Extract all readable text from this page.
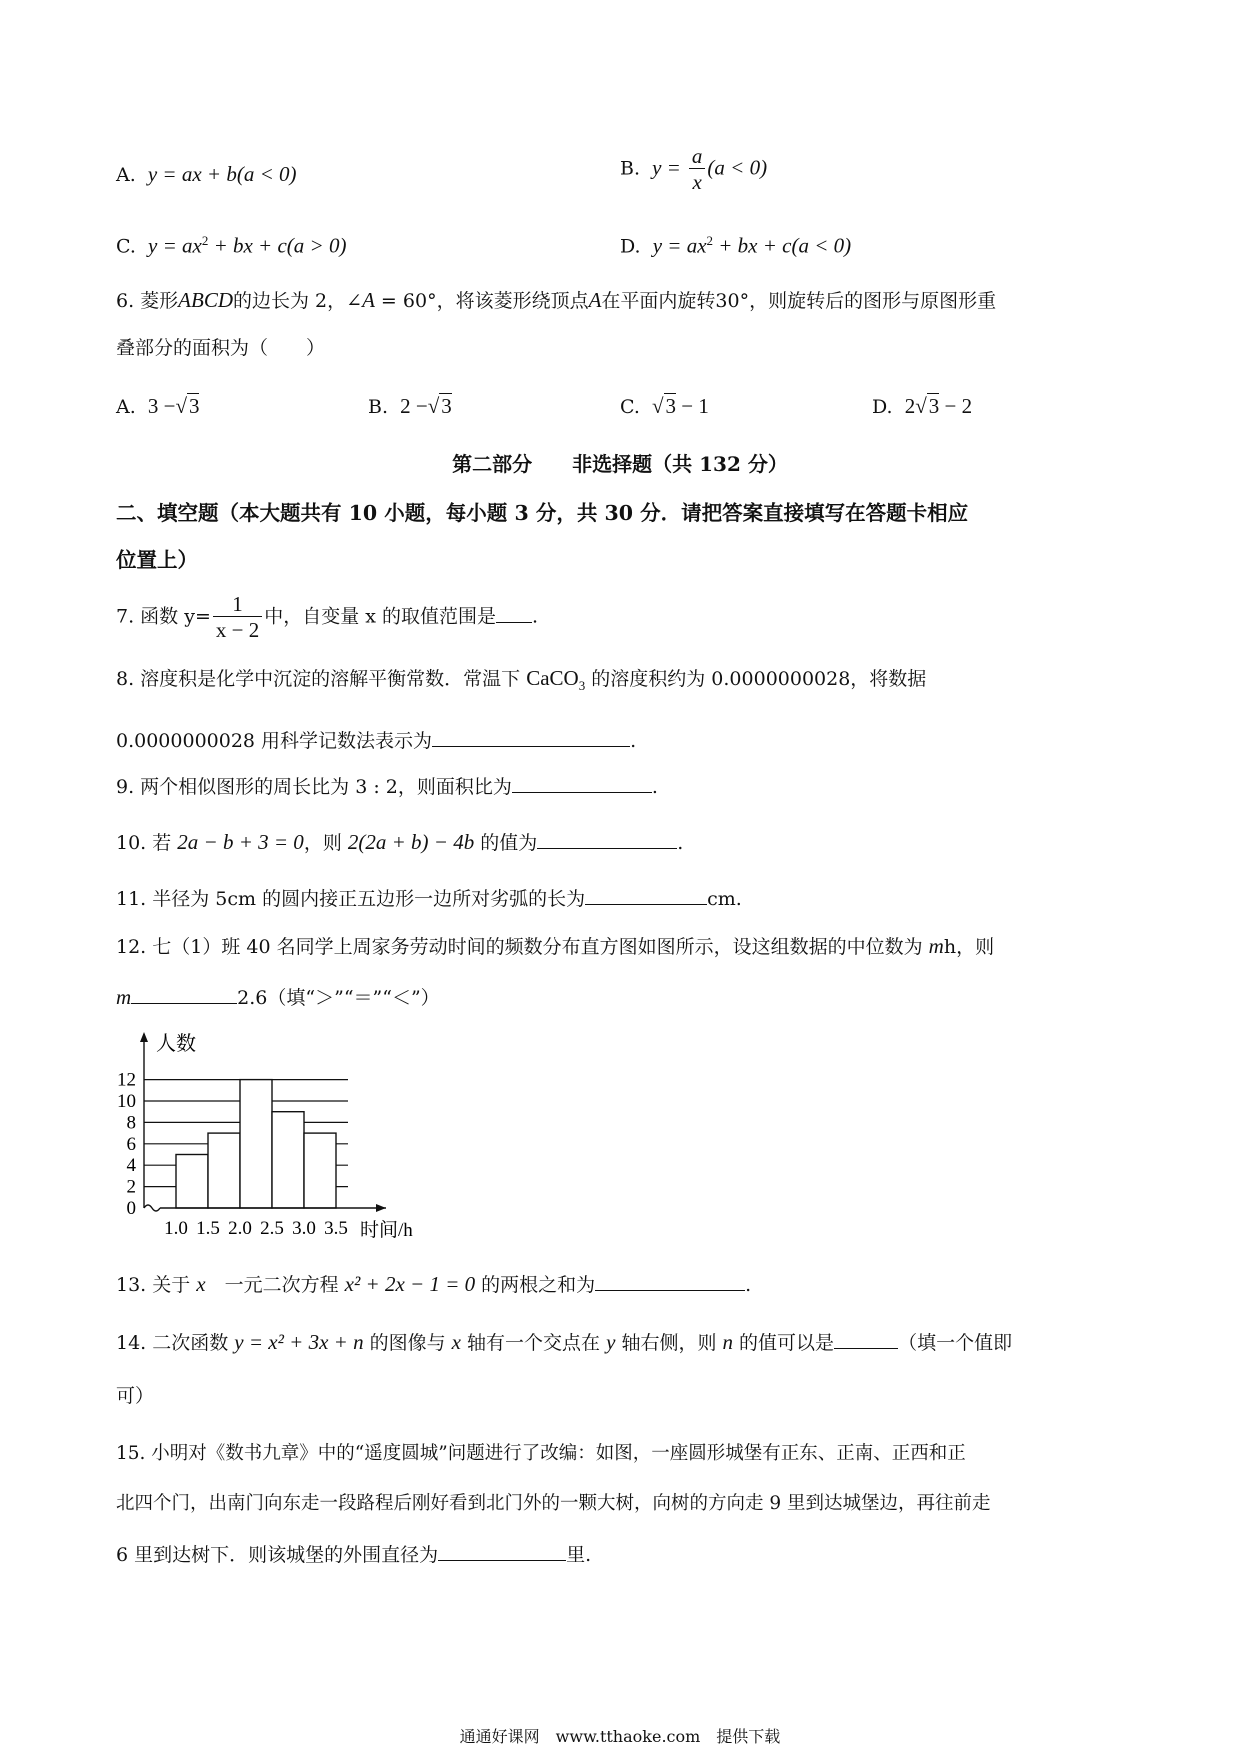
A. y = ax + b(a < 0)	B. $y = \frac{a}{x} (a < 0)$
C. $y = ax^2$ + bx + c(a > 0)	D. $y = ax^2$ + bx + c(a < 0)
6. 菱形ABCD的边长为 2，∠A = 60°，将该菱形绕顶点A在平面内旋转30°，则旋转后的图形与原图形重
叠部分的面积为（　　）
A. 3 −√3	B. 2 −√3	C. √3 − 1	D. 2√3 − 2
第二部分　　非选择题（共 132 分）
二、填空题（本大题共有 10 小题，每小题 3 分，共 30 分．请把答案直接填写在答题卡相应
位置上）
7. 函数 $y= \frac{1}{x - 2}$ 中，自变量 x 的取值范围是 .
8. 溶度积是化学中沉淀的溶解平衡常数．常温下 CaCO$_3$ 的溶度积约为 0.0000000028，将数据
0.0000000028 用科学记数法表示为	.
9. 两个相似图形的周长比为 3 : 2，则面积比为	.
10. 若 2a − b + 3 = 0，则 2(2a + b) − 4b 的值为	.
11. 半径为 5cm 的圆内接正五边形一边所对劣弧的长为	cm.
12. 七（1）班 40 名同学上周家务劳动时间的频数分布直方图如图所示，设这组数据的中位数为 mh，则
m	2.6（填“＞”“＝”“＜”）
0
2
4
6
8
10
12
1.0 1.5 2.0 2.5 3.0 3.5
人数
时间/h
13. 关于 x　一元二次方程 x² + 2x − 1 = 0 的两根之和为	.
14. 二次函数 y = x² + 3x + n 的图像与 x 轴有一个交点在 y 轴右侧，则 n 的值可以是	（填一个值即
可）
15. 小明对《数书九章》中的“遥度圆城”问题进行了改编：如图，一座圆形城堡有正东、正南、正西和正
北四个门，出南门向东走一段路程后刚好看到北门外的一颗大树，向树的方向走 9 里到达城堡边，再往前走
6 里到达树下．则该城堡的外围直径为	里.
通通好课网　www.tthaoke.com　提供下载
